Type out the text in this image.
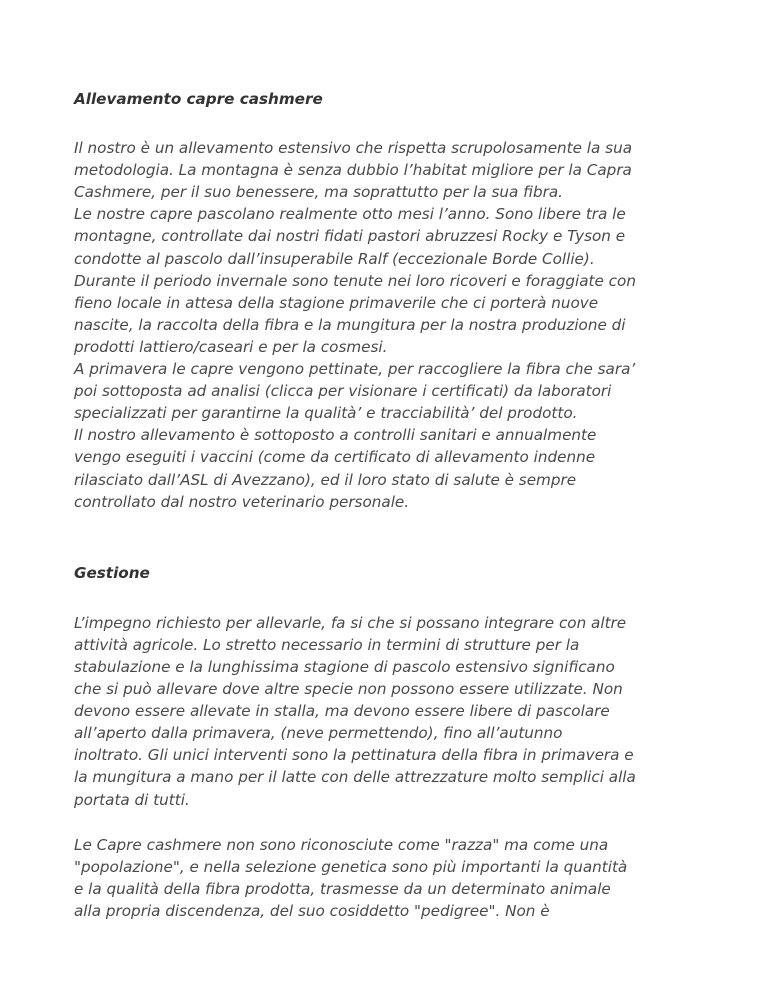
Allevamento capre cashmere

Il nostro è un allevamento estensivo che rispetta scrupolosamente la sua
metodologia. La montagna è senza dubbio l’habitat migliore per la Capra
Cashmere, per il suo benessere, ma soprattutto per la sua fibra.
Le nostre capre pascolano realmente otto mesi l’anno. Sono libere tra le
montagne, controllate dai nostri fidati pastori abruzzesi Rocky e Tyson e
condotte al pascolo dall’insuperabile Ralf (eccezionale Borde Collie).
Durante il periodo invernale sono tenute nei loro ricoveri e foraggiate con
fieno locale in attesa della stagione primaverile che ci porterà nuove
nascite, la raccolta della fibra e la mungitura per la nostra produzione di
prodotti lattiero/caseari e per la cosmesi.
A primavera le capre vengono pettinate, per raccogliere la fibra che sara’
poi sottoposta ad analisi (clicca per visionare i certificati) da laboratori
specializzati per garantirne la qualità’ e tracciabilità’ del prodotto.
Il nostro allevamento è sottoposto a controlli sanitari e annualmente
vengo eseguiti i vaccini (come da certificato di allevamento indenne
rilasciato dall’ASL di Avezzano), ed il loro stato di salute è sempre
controllato dal nostro veterinario personale.

Gestione

L’impegno richiesto per allevarle, fa si che si possano integrare con altre
attività agricole. Lo stretto necessario in termini di strutture per la
stabulazione e la lunghissima stagione di pascolo estensivo significano
che si può allevare dove altre specie non possono essere utilizzate. Non
devono essere allevate in stalla, ma devono essere libere di pascolare
all’aperto dalla primavera, (neve permettendo), fino all’autunno
inoltrato. Gli unici interventi sono la pettinatura della fibra in primavera e
la mungitura a mano per il latte con delle attrezzature molto semplici alla
portata di tutti.

Le Capre cashmere non sono riconosciute come "razza" ma come una
"popolazione", e nella selezione genetica sono più importanti la quantità
e la qualità della fibra prodotta, trasmesse da un determinato animale
alla propria discendenza, del suo cosiddetto "pedigree". Non è
